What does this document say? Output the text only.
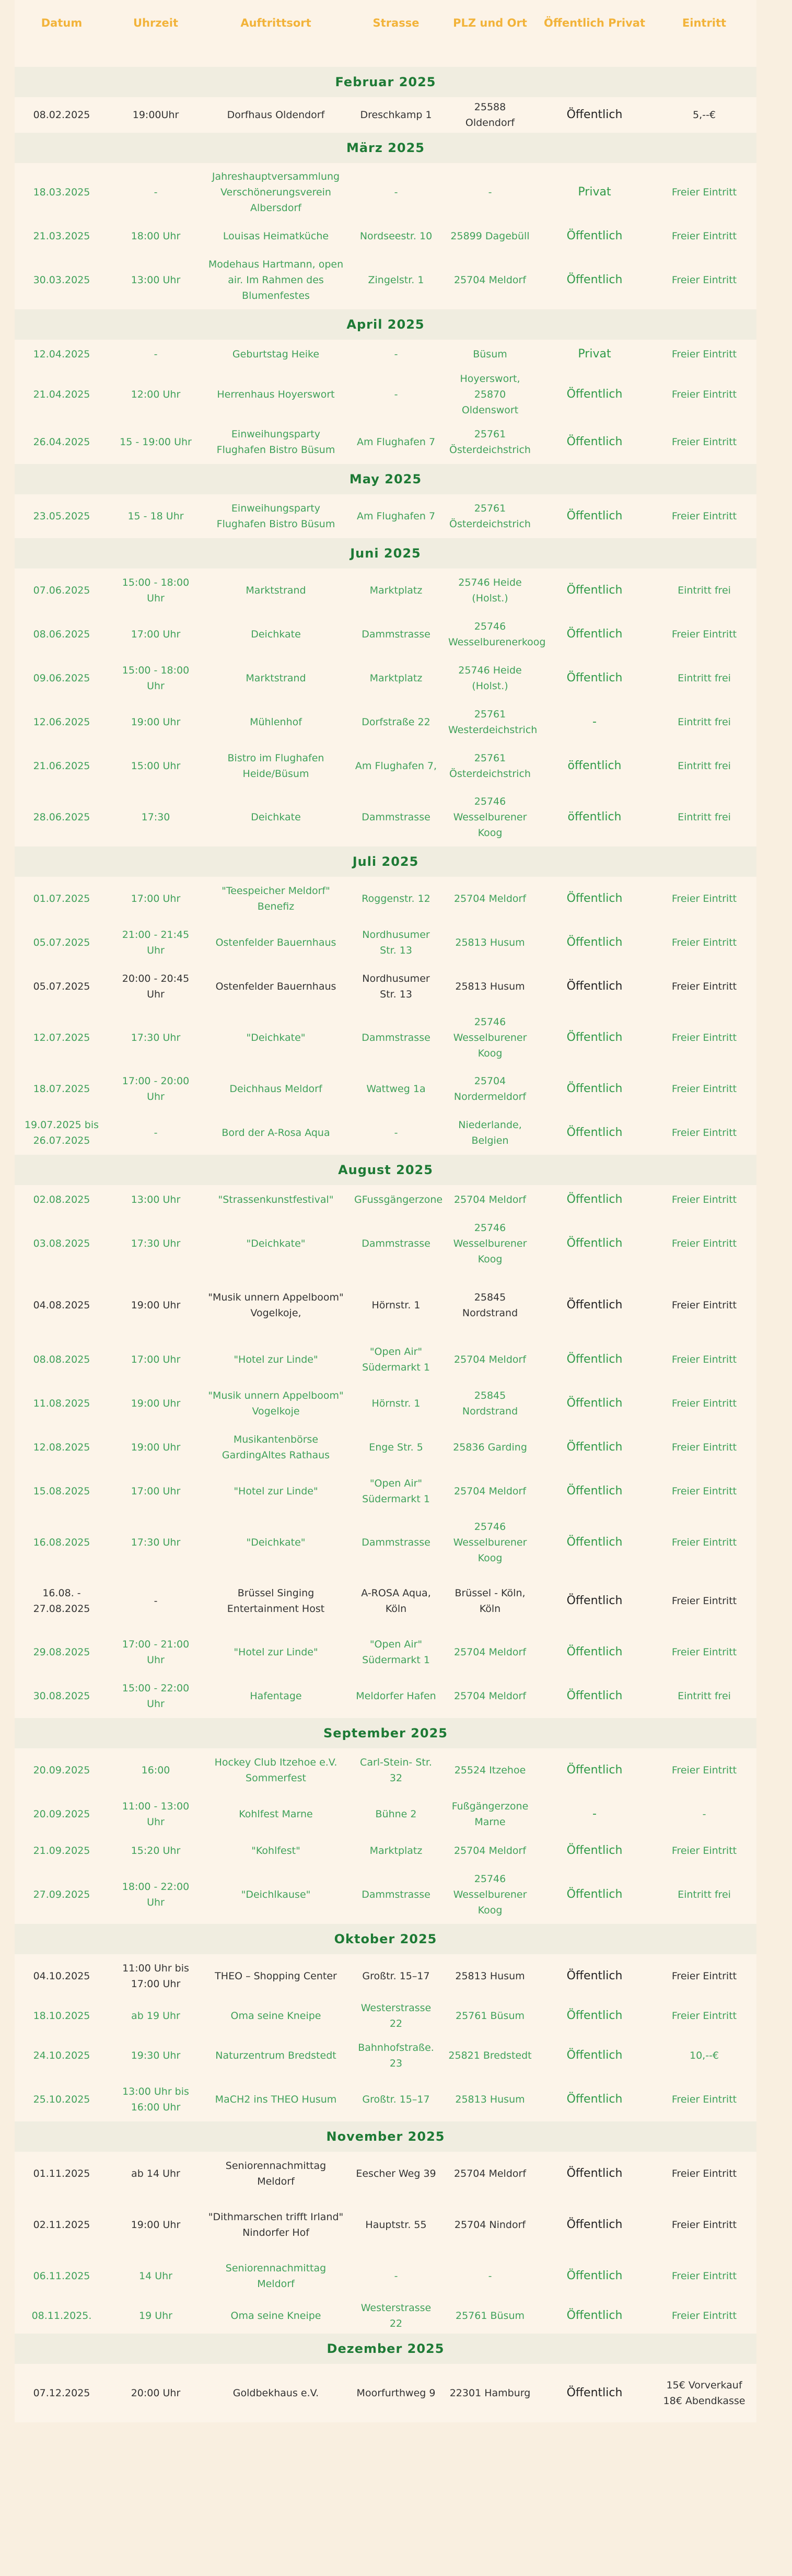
Datum	Uhrzeit	Auftrittsort	Strasse	PLZ und Ort	Öffentlich Privat	Eintritt
Februar 2025						
08.02.2025	19:00Uhr	Dorfhaus Oldendorf	Dreschkamp 1	25588 Oldendorf	Öffentlich	5,--€
März 2025						
18.03.2025	-	Jahreshauptversammlung Verschönerungsverein Albersdorf	-	-	Privat	Freier Eintritt
21.03.2025	18:00 Uhr	Louisas Heimatküche	Nordseestr. 10	25899 Dagebüll	Öffentlich	Freier Eintritt
30.03.2025	13:00 Uhr	Modehaus Hartmann, open air. Im Rahmen des Blumenfestes	Zingelstr. 1	25704 Meldorf	Öffentlich	Freier Eintritt
April 2025						
12.04.2025	-	Geburtstag Heike	-	Büsum	Privat	Freier Eintritt
21.04.2025	12:00 Uhr	Herrenhaus Hoyerswort	-	Hoyerswort, 25870 Oldenswort	Öffentlich	Freier Eintritt
26.04.2025	15 - 19:00 Uhr	Einweihungsparty Flughafen Bistro Büsum	Am Flughafen 7	25761 Österdeichstrich	Öffentlich	Freier Eintritt
May 2025						
23.05.2025	15 - 18 Uhr	Einweihungsparty Flughafen Bistro Büsum	Am Flughafen 7	25761 Österdeichstrich	Öffentlich	Freier Eintritt
Juni 2025						
07.06.2025	15:00 - 18:00 Uhr	Marktstrand	Marktplatz	25746 Heide (Holst.)	Öffentlich	Eintritt frei
08.06.2025	17:00 Uhr	Deichkate	Dammstrasse	25746 Wesselburenerkoog	Öffentlich	Freier Eintritt
09.06.2025	15:00 - 18:00 Uhr	Marktstrand	Marktplatz	25746 Heide (Holst.)	Öffentlich	Eintritt frei
12.06.2025	19:00 Uhr	Mühlenhof	Dorfstraße 22	25761 Westerdeichstrich	-	Eintritt frei
21.06.2025	15:00 Uhr	Bistro im Flughafen Heide/Büsum	Am Flughafen 7,	25761 Österdeichstrich	öffentlich	Eintritt frei
28.06.2025	17:30	Deichkate	Dammstrasse	25746 Wesselburener Koog	öffentlich	Eintritt frei
Juli 2025						
01.07.2025	17:00 Uhr	"Teespeicher Meldorf" Benefiz	Roggenstr. 12	25704 Meldorf	Öffentlich	Freier Eintritt
05.07.2025	21:00 - 21:45 Uhr	Ostenfelder Bauernhaus	Nordhusumer Str. 13	25813 Husum	Öffentlich	Freier Eintritt
05.07.2025	20:00 - 20:45 Uhr	Ostenfelder Bauernhaus	Nordhusumer Str. 13	25813 Husum	Öffentlich	Freier Eintritt
12.07.2025	17:30 Uhr	"Deichkate"	Dammstrasse	25746 Wesselburener Koog	Öffentlich	Freier Eintritt
18.07.2025	17:00 - 20:00 Uhr	Deichhaus Meldorf	Wattweg 1a	25704 Nordermeldorf	Öffentlich	Freier Eintritt
19.07.2025 bis 26.07.2025	-	Bord der A-Rosa Aqua	-	Niederlande, Belgien	Öffentlich	Freier Eintritt
August 2025						
02.08.2025	13:00 Uhr	"Strassenkunstfestival"	GFussgängerzone	25704 Meldorf	Öffentlich	Freier Eintritt
03.08.2025	17:30 Uhr	"Deichkate"	Dammstrasse	25746 Wesselburener Koog	Öffentlich	Freier Eintritt
04.08.2025	19:00 Uhr	"Musik unnern Appelboom" Vogelkoje,	Hörnstr. 1	25845 Nordstrand	Öffentlich	Freier Eintritt
08.08.2025	17:00 Uhr	"Hotel zur Linde"	"Open Air" Südermarkt 1	25704 Meldorf	Öffentlich	Freier Eintritt
11.08.2025	19:00 Uhr	"Musik unnern Appelboom" Vogelkoje	Hörnstr. 1	25845 Nordstrand	Öffentlich	Freier Eintritt
12.08.2025	19:00 Uhr	Musikantenbörse GardingAltes Rathaus	Enge Str. 5	25836 Garding	Öffentlich	Freier Eintritt
15.08.2025	17:00 Uhr	"Hotel zur Linde"	"Open Air" Südermarkt 1	25704 Meldorf	Öffentlich	Freier Eintritt
16.08.2025	17:30 Uhr	"Deichkate"	Dammstrasse	25746 Wesselburener Koog	Öffentlich	Freier Eintritt
16.08. - 27.08.2025	-	Brüssel Singing Entertainment Host	A-ROSA Aqua, Köln	Brüssel - Köln, Köln	Öffentlich	Freier Eintritt
29.08.2025	17:00 - 21:00 Uhr	"Hotel zur Linde"	"Open Air" Südermarkt 1	25704 Meldorf	Öffentlich	Freier Eintritt
30.08.2025	15:00 - 22:00 Uhr	Hafentage	Meldorfer Hafen	25704 Meldorf	Öffentlich	Eintritt frei
September 2025						
20.09.2025	16:00	Hockey Club Itzehoe e.V. Sommerfest	Carl-Stein- Str. 32	25524 Itzehoe	Öffentlich	Freier Eintritt
20.09.2025	11:00 - 13:00 Uhr	Kohlfest Marne	Bühne 2	Fußgängerzone Marne	-	-
21.09.2025	15:20 Uhr	"Kohlfest"	Marktplatz	25704 Meldorf	Öffentlich	Freier Eintritt
27.09.2025	18:00 - 22:00 Uhr	"Deichlkause"	Dammstrasse	25746 Wesselburener Koog	Öffentlich	Eintritt frei
Oktober 2025						
04.10.2025	11:00 Uhr bis 17:00 Uhr	THEO – Shopping Center	Großtr. 15–17	25813 Husum	Öffentlich	Freier Eintritt
18.10.2025	ab 19 Uhr	Oma seine Kneipe	Westerstrasse 22	25761 Büsum	Öffentlich	Freier Eintritt
24.10.2025	19:30 Uhr	Naturzentrum Bredstedt	Bahnhofstraße. 23	25821 Bredstedt	Öffentlich	10,--€
25.10.2025	13:00 Uhr bis 16:00 Uhr	MaCH2 ins THEO Husum	Großtr. 15–17	25813 Husum	Öffentlich	Freier Eintritt
November 2025						
01.11.2025	ab 14 Uhr	Seniorennachmittag Meldorf	Eescher Weg 39	25704 Meldorf	Öffentlich	Freier Eintritt
02.11.2025	19:00 Uhr	"Dithmarschen trifft Irland" Nindorfer Hof	Hauptstr. 55	25704 Nindorf	Öffentlich	Freier Eintritt
06.11.2025	14 Uhr	Seniorennachmittag Meldorf	-	-	Öffentlich	Freier Eintritt
08.11.2025.	19 Uhr	Oma seine Kneipe	Westerstrasse 22	25761 Büsum	Öffentlich	Freier Eintritt
Dezember 2025						
07.12.2025	20:00 Uhr	Goldbekhaus e.V.	Moorfurthweg 9	22301 Hamburg	Öffentlich	15€ Vorverkauf 18€ Abendkasse
